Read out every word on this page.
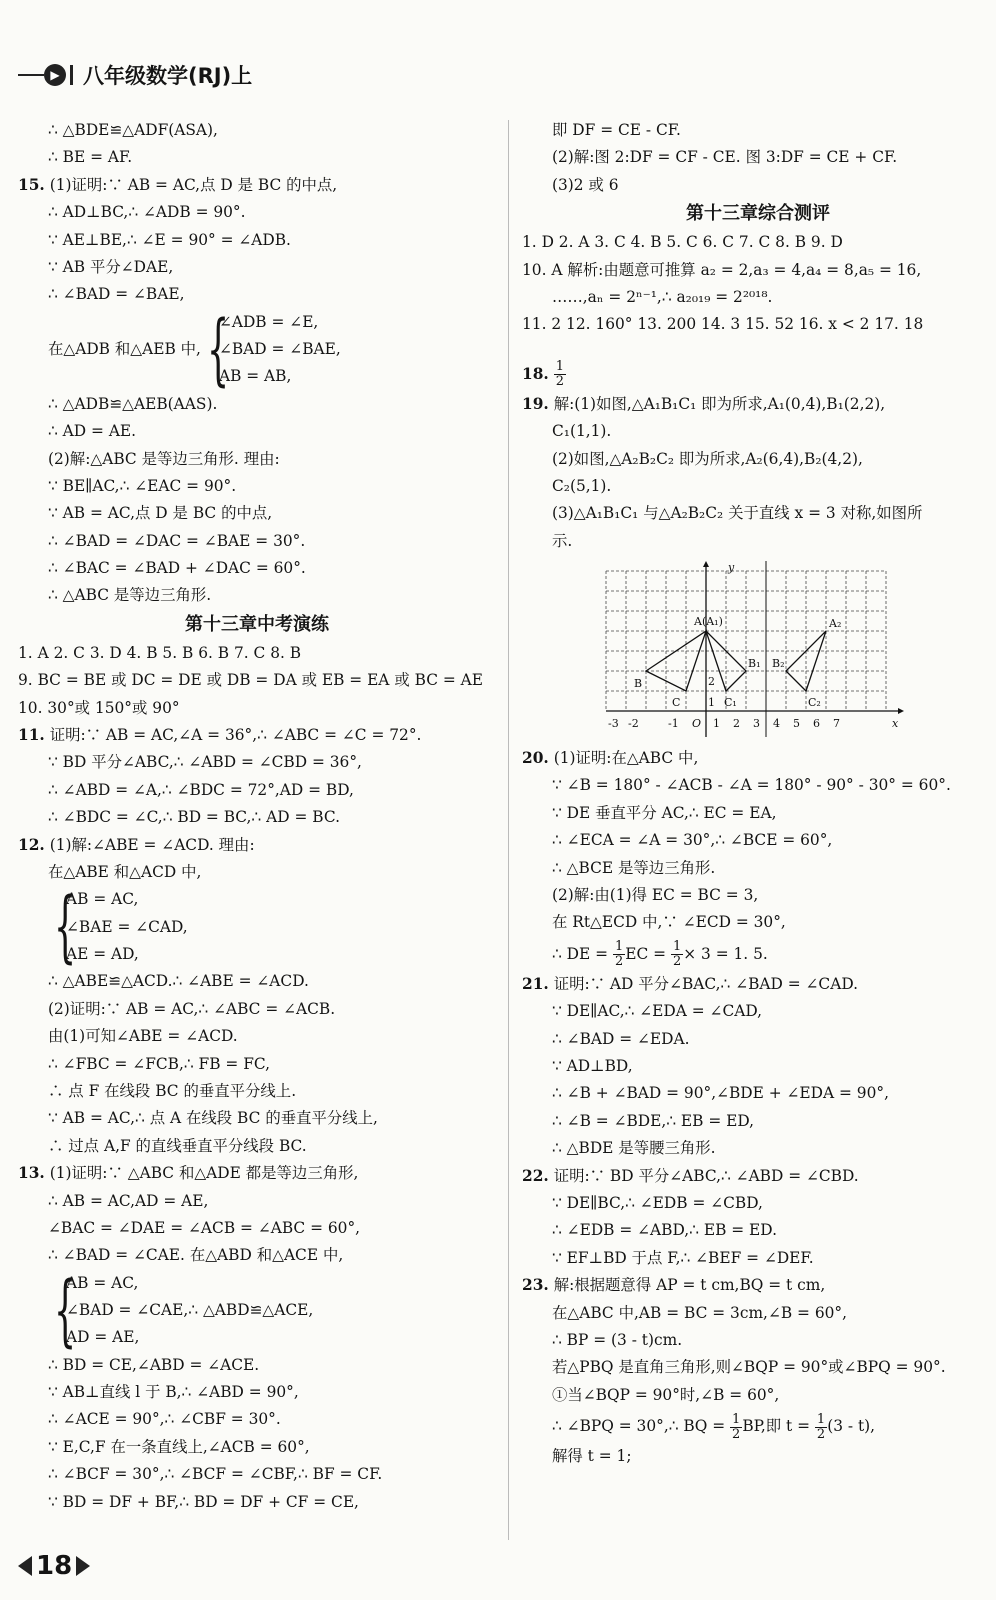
▶	八年级数学(RJ)上
∴ △BDE≌△ADF(ASA),
∴ BE = AF.
15. (1)证明:∵ AB = AC,点 D 是 BC 的中点,
∴ AD⊥BC,∴ ∠ADB = 90°.
∵ AE⊥BE,∴ ∠E = 90° = ∠ADB.
∵ AB 平分∠DAE,
∴ ∠BAD = ∠BAE,
在△ADB 和△AEB 中, {
∠ADB = ∠E,
∠BAD = ∠BAE,
AB = AB,
∴ △ADB≌△AEB(AAS).
∴ AD = AE.
(2)解:△ABC 是等边三角形. 理由:
∵ BE∥AC,∴ ∠EAC = 90°.
∵ AB = AC,点 D 是 BC 的中点,
∴ ∠BAD = ∠DAC = ∠BAE = 30°.
∴ ∠BAC = ∠BAD + ∠DAC = 60°.
∴ △ABC 是等边三角形.
第十三章中考演练
1. A 2. C 3. D 4. B 5. B 6. B 7. C 8. B
9. BC = BE 或 DC = DE 或 DB = DA 或 EB = EA 或 BC = AE
10. 30°或 150°或 90°
11. 证明:∵ AB = AC,∠A = 36°,∴ ∠ABC = ∠C = 72°.
∵ BD 平分∠ABC,∴ ∠ABD = ∠CBD = 36°,
∴ ∠ABD = ∠A,∴ ∠BDC = 72°,AD = BD,
∴ ∠BDC = ∠C,∴ BD = BC,∴ AD = BC.
12. (1)解:∠ABE = ∠ACD. 理由:
在△ABE 和△ACD 中,
{
AB = AC,
∠BAE = ∠CAD,
AE = AD,
∴ △ABE≌△ACD.∴ ∠ABE = ∠ACD.
(2)证明:∵ AB = AC,∴ ∠ABC = ∠ACB.
由(1)可知∠ABE = ∠ACD.
∴ ∠FBC = ∠FCB,∴ FB = FC,
∴ 点 F 在线段 BC 的垂直平分线上.
∵ AB = AC,∴ 点 A 在线段 BC 的垂直平分线上,
∴ 过点 A,F 的直线垂直平分线段 BC.
13. (1)证明:∵ △ABC 和△ADE 都是等边三角形,
∴ AB = AC,AD = AE,
∠BAC = ∠DAE = ∠ACB = ∠ABC = 60°,
∴ ∠BAD = ∠CAE. 在△ABD 和△ACE 中,
{
AB = AC,
∠BAD = ∠CAE,∴ △ABD≌△ACE,
AD = AE,
∴ BD = CE,∠ABD = ∠ACE.
∵ AB⊥直线 l 于 B,∴ ∠ABD = 90°,
∴ ∠ACE = 90°,∴ ∠CBF = 30°.
∵ E,C,F 在一条直线上,∠ACB = 60°,
∴ ∠BCF = 30°,∴ ∠BCF = ∠CBF,∴ BF = CF.
∵ BD = DF + BF,∴ BD = DF + CF = CE,
即 DF = CE - CF.
(2)解:图 2:DF = CF - CE. 图 3:DF = CE + CF.
(3)2 或 6
第十三章综合测评
1. D 2. A 3. C 4. B 5. C 6. C 7. C 8. B 9. D
10. A 解析:由题意可推算 a₂ = 2,a₃ = 4,a₄ = 8,a₅ = 16,
……,aₙ = 2ⁿ⁻¹,∴ a₂₀₁₉ = 2²⁰¹⁸.
11. 2 12. 160° 13. 200 14. 3 15. 52 16. x < 2 17. 18
18. $\frac{1}{2}$
19. 解:(1)如图,△A₁B₁C₁ 即为所求,A₁(0,4),B₁(2,2),
C₁(1,1).
(2)如图,△A₂B₂C₂ 即为所求,A₂(6,4),B₂(4,2),
C₂(5,1).
(3)△A₁B₁C₁ 与△A₂B₂C₂ 关于直线 x = 3 对称,如图所
示.
y
x
A(A₁)	A₂
B
B₁ B₂
C	C₁	C₂
2
1
O
-3 -2	-1	1 2 3 4 5 6 7
20. (1)证明:在△ABC 中,
∵ ∠B = 180° - ∠ACB - ∠A = 180° - 90° - 30° = 60°.
∵ DE 垂直平分 AC,∴ EC = EA,
∴ ∠ECA = ∠A = 30°,∴ ∠BCE = 60°,
∴ △BCE 是等边三角形.
(2)解:由(1)得 EC = BC = 3,
在 Rt△ECD 中,∵ ∠ECD = 30°,
∴ DE = $\frac{1}{2}$ EC = $\frac{1}{2} \times 3 = 1$. 5.
21. 证明:∵ AD 平分∠BAC,∴ ∠BAD = ∠CAD.
∵ DE∥AC,∴ ∠EDA = ∠CAD,
∴ ∠BAD = ∠EDA.
∵ AD⊥BD,
∴ ∠B + ∠BAD = 90°,∠BDE + ∠EDA = 90°,
∴ ∠B = ∠BDE,∴ EB = ED,
∴ △BDE 是等腰三角形.
22. 证明:∵ BD 平分∠ABC,∴ ∠ABD = ∠CBD.
∵ DE∥BC,∴ ∠EDB = ∠CBD,
∴ ∠EDB = ∠ABD,∴ EB = ED.
∵ EF⊥BD 于点 F,∴ ∠BEF = ∠DEF.
23. 解:根据题意得 AP = t cm,BQ = t cm,
在△ABC 中,AB = BC = 3cm,∠B = 60°,
∴ BP = (3 - t)cm.
若△PBQ 是直角三角形,则∠BQP = 90°或∠BPQ = 90°.
①当∠BQP = 90°时,∠B = 60°,
∴ ∠BPQ = 30°,∴ BQ = $\frac{1}{2}$ BP,即 $t = \frac{1}{2} (3 - t)$,
解得 t = 1;
18
